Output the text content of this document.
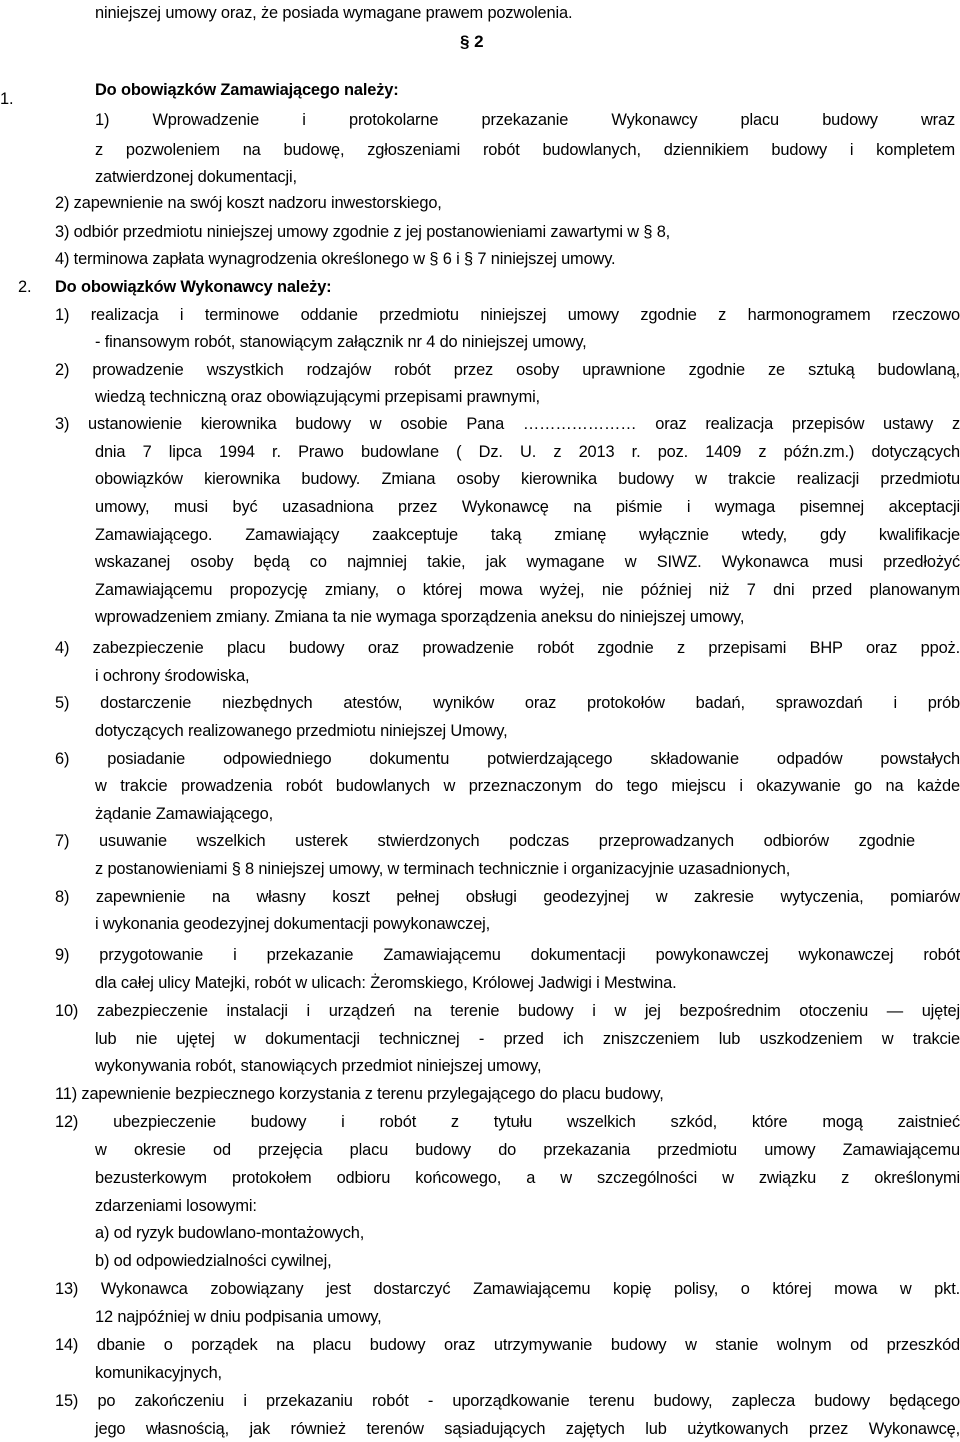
§ 2
Do obowiązków Zamawiającego należy:
2. Do obowiązków Wykonawcy należy:
niniejszej umowy oraz, że posiada wymagane prawem pozwolenia.
1.
1) Wprowadzenie i protokolarne przekazanie Wykonawcy placu budowy wraz
z pozwoleniem na budowę, zgłoszeniami robót budowlanych, dziennikiem budowy i kompletem
zatwierdzonej dokumentacji,
2) zapewnienie na swój koszt nadzoru inwestorskiego,
3) odbiór przedmiotu niniejszej umowy zgodnie z jej postanowieniami zawartymi w § 8,
4) terminowa zapłata wynagrodzenia określonego w § 6 i § 7 niniejszej umowy.
1) realizacja i terminowe oddanie przedmiotu niniejszej umowy zgodnie z harmonogramem rzeczowo
- finansowym robót, stanowiącym załącznik nr 4 do niniejszej umowy,
2) prowadzenie wszystkich rodzajów robót przez osoby uprawnione zgodnie ze sztuką budowlaną,
wiedzą techniczną oraz obowiązującymi przepisami prawnymi,
3) ustanowienie kierownika budowy w osobie Pana ………………… oraz realizacja przepisów ustawy z
dnia 7 lipca 1994 r. Prawo budowlane ( Dz. U. z 2013 r. poz. 1409 z późn.zm.) dotyczących
obowiązków kierownika budowy. Zmiana osoby kierownika budowy w trakcie realizacji przedmiotu
umowy, musi być uzasadniona przez Wykonawcę na piśmie i wymaga pisemnej akceptacji
Zamawiającego. Zamawiający zaakceptuje taką zmianę wyłącznie wtedy, gdy kwalifikacje
wskazanej osoby będą co najmniej takie, jak wymagane w SIWZ. Wykonawca musi przedłożyć
Zamawiającemu propozycję zmiany, o której mowa wyżej, nie później niż 7 dni przed planowanym
wprowadzeniem zmiany. Zmiana ta nie wymaga sporządzenia aneksu do niniejszej umowy,
4) zabezpieczenie placu budowy oraz prowadzenie robót zgodnie z przepisami BHP oraz ppoż.
i ochrony środowiska,
5) dostarczenie niezbędnych atestów, wyników oraz protokołów badań, sprawozdań i prób
dotyczących realizowanego przedmiotu niniejszej Umowy,
6) posiadanie odpowiedniego dokumentu potwierdzającego składowanie odpadów powstałych
w trakcie prowadzenia robót budowlanych w przeznaczonym do tego miejscu i okazywanie go na każde
żądanie Zamawiającego,
7) usuwanie wszelkich usterek stwierdzonych podczas przeprowadzanych odbiorów zgodnie
z postanowieniami § 8 niniejszej umowy, w terminach technicznie i organizacyjnie uzasadnionych,
8) zapewnienie na własny koszt pełnej obsługi geodezyjnej w zakresie wytyczenia, pomiarów
i wykonania geodezyjnej dokumentacji powykonawczej,
9) przygotowanie i przekazanie Zamawiającemu dokumentacji powykonawczej wykonawczej robót
dla całej ulicy Matejki, robót w ulicach: Żeromskiego, Królowej Jadwigi i Mestwina.
10) zabezpieczenie instalacji i urządzeń na terenie budowy i w jej bezpośrednim otoczeniu — ujętej
lub nie ujętej w dokumentacji technicznej - przed ich zniszczeniem lub uszkodzeniem w trakcie
wykonywania robót, stanowiących przedmiot niniejszej umowy,
11) zapewnienie bezpiecznego korzystania z terenu przylegającego do placu budowy,
12) ubezpieczenie budowy i robót z tytułu wszelkich szkód, które mogą zaistnieć
w okresie od przejęcia placu budowy do przekazania przedmiotu umowy Zamawiającemu
bezusterkowym protokołem odbioru końcowego, a w szczególności w związku z określonymi
zdarzeniami losowymi:
a) od ryzyk budowlano-montażowych,
b) od odpowiedzialności cywilnej,
13) Wykonawca zobowiązany jest dostarczyć Zamawiającemu kopię polisy, o której mowa w pkt.
12 najpóźniej w dniu podpisania umowy,
14) dbanie o porządek na placu budowy oraz utrzymywanie budowy w stanie wolnym od przeszkód
komunikacyjnych,
15) po zakończeniu i przekazaniu robót - uporządkowanie terenu budowy, zaplecza budowy będącego
jego własnością, jak również terenów sąsiadujących zajętych lub użytkowanych przez Wykonawcę,
